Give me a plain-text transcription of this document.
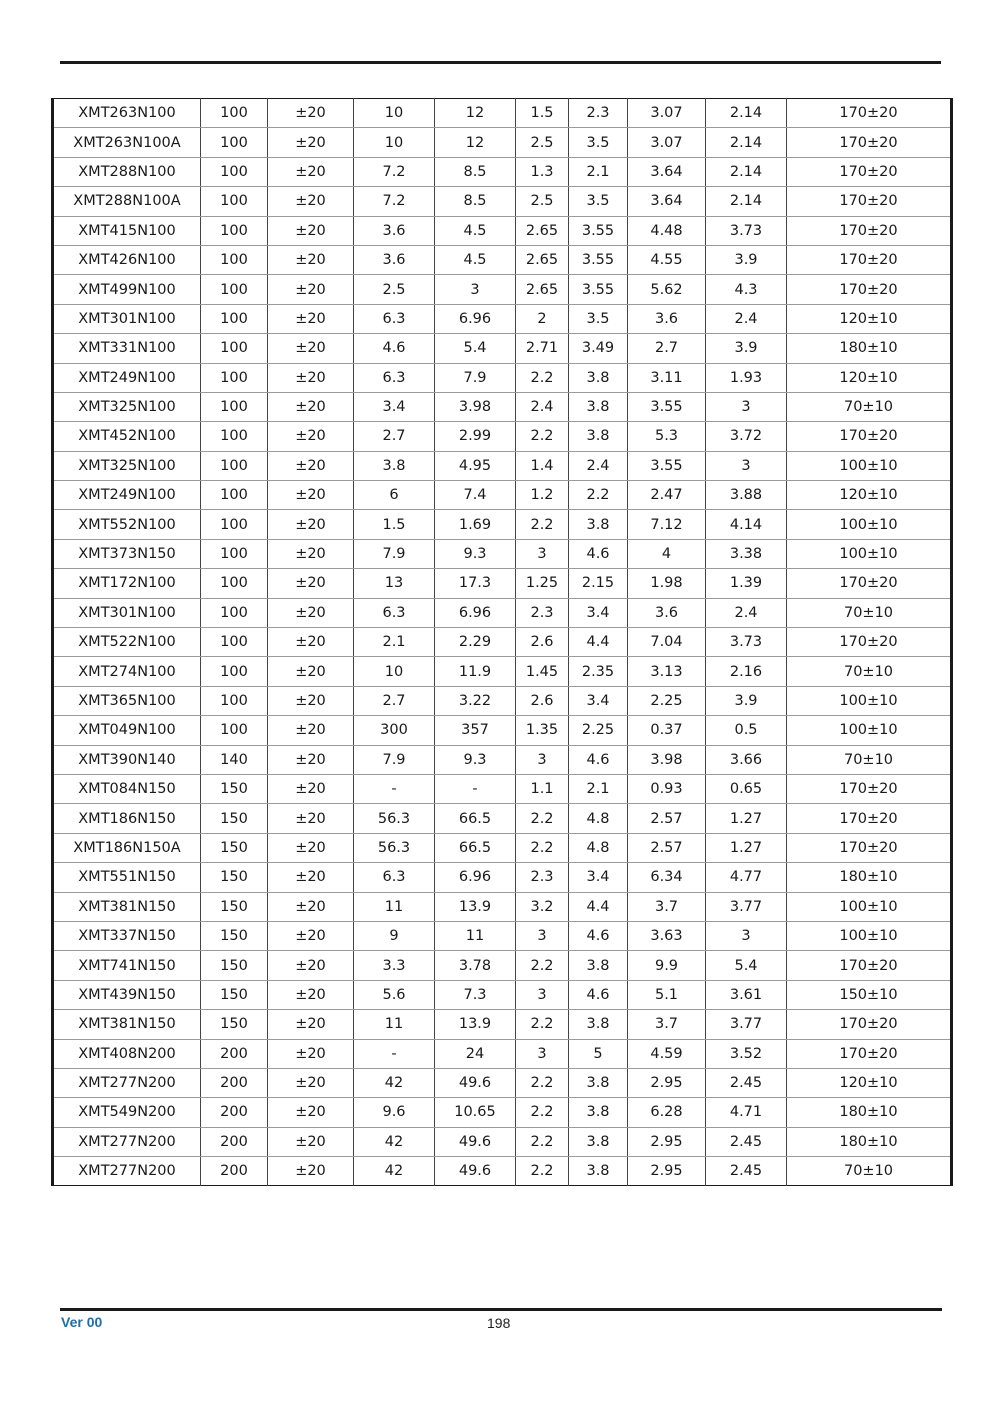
XMT263N100	100	±20	10	12	1.5	2.3	3.07	2.14	170±20
XMT263N100A	100	±20	10	12	2.5	3.5	3.07	2.14	170±20
XMT288N100	100	±20	7.2	8.5	1.3	2.1	3.64	2.14	170±20
XMT288N100A	100	±20	7.2	8.5	2.5	3.5	3.64	2.14	170±20
XMT415N100	100	±20	3.6	4.5	2.65	3.55	4.48	3.73	170±20
XMT426N100	100	±20	3.6	4.5	2.65	3.55	4.55	3.9	170±20
XMT499N100	100	±20	2.5	3	2.65	3.55	5.62	4.3	170±20
XMT301N100	100	±20	6.3	6.96	2	3.5	3.6	2.4	120±10
XMT331N100	100	±20	4.6	5.4	2.71	3.49	2.7	3.9	180±10
XMT249N100	100	±20	6.3	7.9	2.2	3.8	3.11	1.93	120±10
XMT325N100	100	±20	3.4	3.98	2.4	3.8	3.55	3	70±10
XMT452N100	100	±20	2.7	2.99	2.2	3.8	5.3	3.72	170±20
XMT325N100	100	±20	3.8	4.95	1.4	2.4	3.55	3	100±10
XMT249N100	100	±20	6	7.4	1.2	2.2	2.47	3.88	120±10
XMT552N100	100	±20	1.5	1.69	2.2	3.8	7.12	4.14	100±10
XMT373N150	100	±20	7.9	9.3	3	4.6	4	3.38	100±10
XMT172N100	100	±20	13	17.3	1.25	2.15	1.98	1.39	170±20
XMT301N100	100	±20	6.3	6.96	2.3	3.4	3.6	2.4	70±10
XMT522N100	100	±20	2.1	2.29	2.6	4.4	7.04	3.73	170±20
XMT274N100	100	±20	10	11.9	1.45	2.35	3.13	2.16	70±10
XMT365N100	100	±20	2.7	3.22	2.6	3.4	2.25	3.9	100±10
XMT049N100	100	±20	300	357	1.35	2.25	0.37	0.5	100±10
XMT390N140	140	±20	7.9	9.3	3	4.6	3.98	3.66	70±10
XMT084N150	150	±20	-	-	1.1	2.1	0.93	0.65	170±20
XMT186N150	150	±20	56.3	66.5	2.2	4.8	2.57	1.27	170±20
XMT186N150A	150	±20	56.3	66.5	2.2	4.8	2.57	1.27	170±20
XMT551N150	150	±20	6.3	6.96	2.3	3.4	6.34	4.77	180±10
XMT381N150	150	±20	11	13.9	3.2	4.4	3.7	3.77	100±10
XMT337N150	150	±20	9	11	3	4.6	3.63	3	100±10
XMT741N150	150	±20	3.3	3.78	2.2	3.8	9.9	5.4	170±20
XMT439N150	150	±20	5.6	7.3	3	4.6	5.1	3.61	150±10
XMT381N150	150	±20	11	13.9	2.2	3.8	3.7	3.77	170±20
XMT408N200	200	±20	-	24	3	5	4.59	3.52	170±20
XMT277N200	200	±20	42	49.6	2.2	3.8	2.95	2.45	120±10
XMT549N200	200	±20	9.6	10.65	2.2	3.8	6.28	4.71	180±10
XMT277N200	200	±20	42	49.6	2.2	3.8	2.95	2.45	180±10
XMT277N200	200	±20	42	49.6	2.2	3.8	2.95	2.45	70±10
Ver 00	198
